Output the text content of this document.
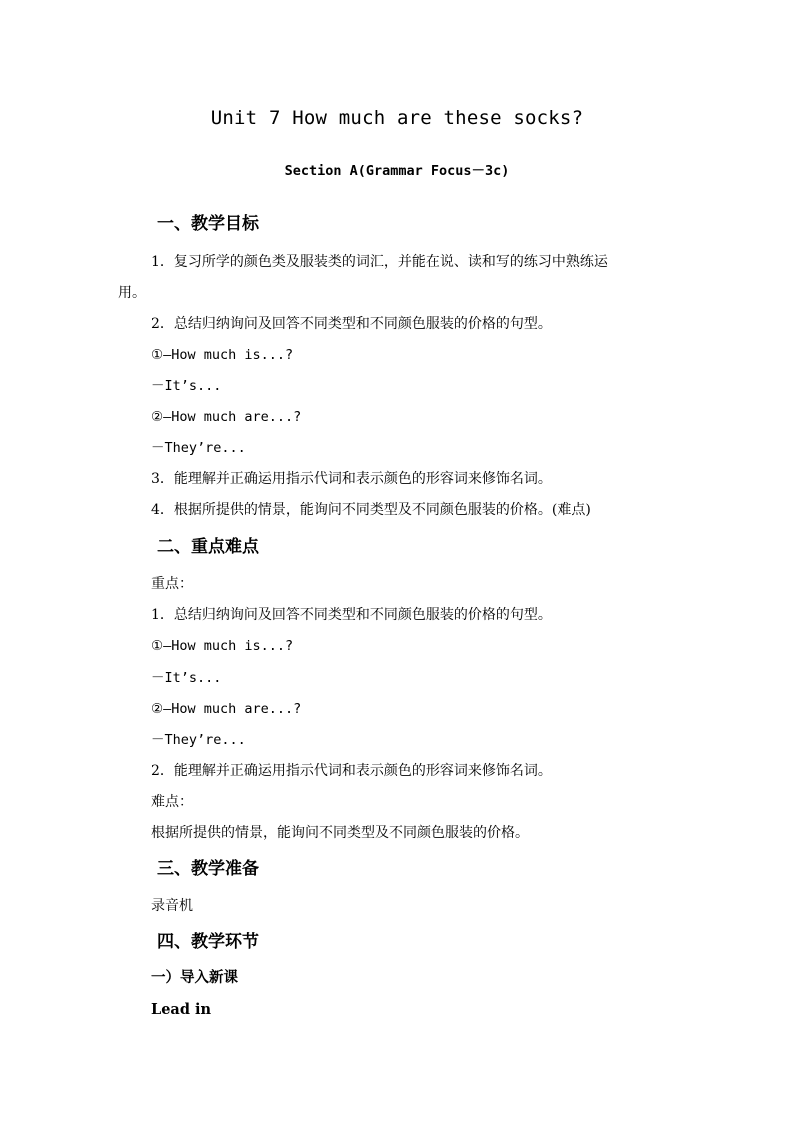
Unit 7 How much are these socks?
Section A(Grammar Focus－3c)
一、教学目标
1．复习所学的颜色类及服装类的词汇，并能在说、读和写的练习中熟练运
用。
2．总结归纳询问及回答不同类型和不同颜色服装的价格的句型。
①—How much is...?
－It’s...
②—How much are...?
－They’re...
3．能理解并正确运用指示代词和表示颜色的形容词来修饰名词。
4．根据所提供的情景，能询问不同类型及不同颜色服装的价格。(难点)
二、重点难点
重点：
1．总结归纳询问及回答不同类型和不同颜色服装的价格的句型。
①—How much is...?
－It’s...
②—How much are...?
－They’re...
2．能理解并正确运用指示代词和表示颜色的形容词来修饰名词。
难点：
根据所提供的情景，能询问不同类型及不同颜色服装的价格。
三、教学准备
录音机
四、教学环节
一）导入新课
Lead in
